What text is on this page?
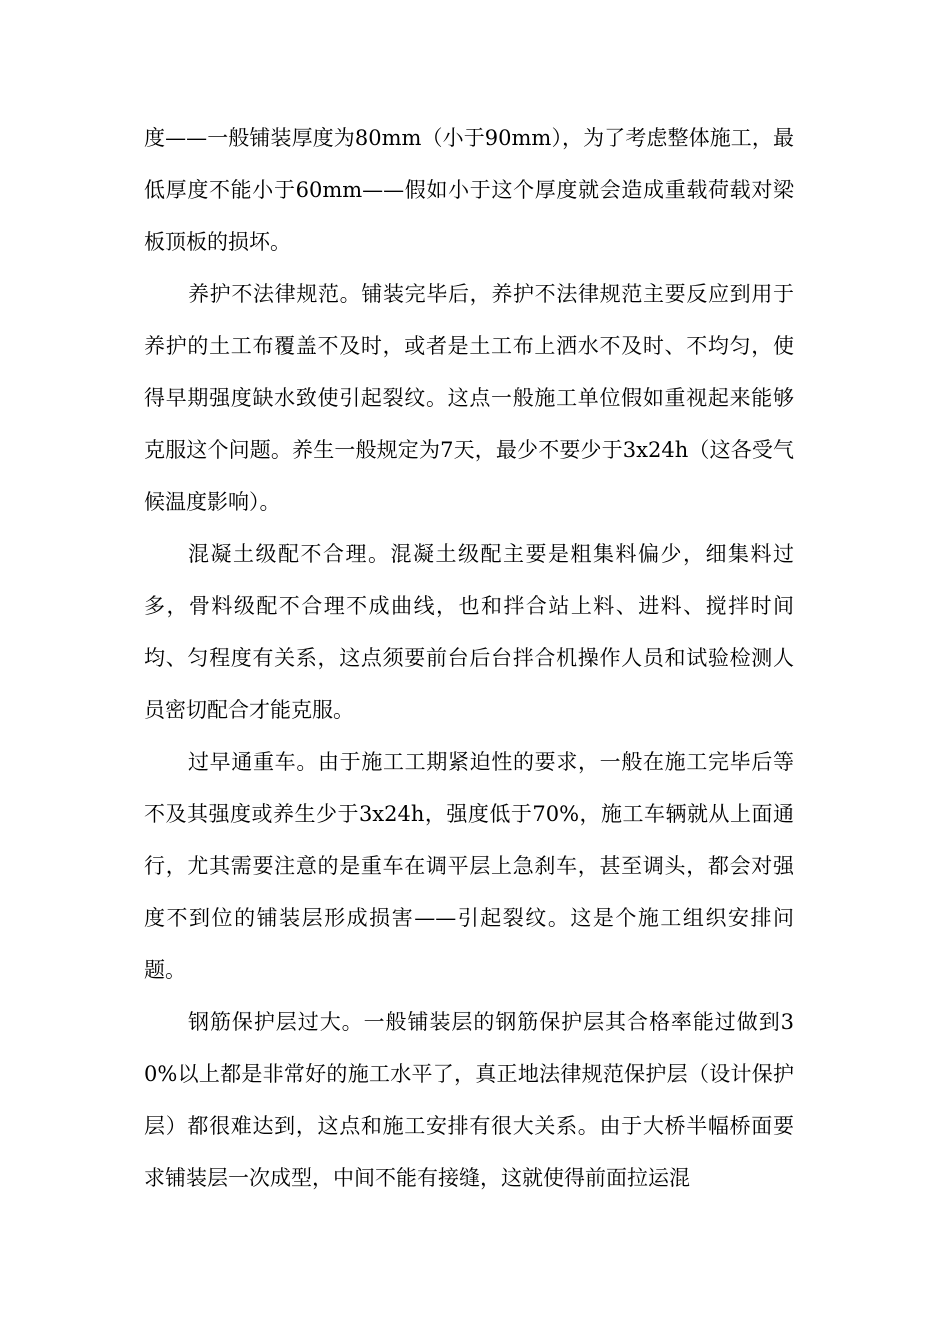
度——一般铺装厚度为80mm（小于90mm），为了考虑整体施工，最低厚度不能小于60mm——假如小于这个厚度就会造成重载荷载对梁板顶板的损坏。

养护不法律规范。铺装完毕后，养护不法律规范主要反应到用于养护的土工布覆盖不及时，或者是土工布上洒水不及时、不均匀，使得早期强度缺水致使引起裂纹。这点一般施工单位假如重视起来能够克服这个问题。养生一般规定为7天，最少不要少于3x24h（这各受气候温度影响）。

混凝土级配不合理。混凝土级配主要是粗集料偏少，细集料过多，骨料级配不合理不成曲线，也和拌合站上料、进料、搅拌时间均、匀程度有关系，这点须要前台后台拌合机操作人员和试验检测人员密切配合才能克服。

过早通重车。由于施工工期紧迫性的要求，一般在施工完毕后等不及其强度或养生少于3x24h，强度低于70%，施工车辆就从上面通行，尤其需要注意的是重车在调平层上急刹车，甚至调头，都会对强度不到位的铺装层形成损害——引起裂纹。这是个施工组织安排问题。

钢筋保护层过大。一般铺装层的钢筋保护层其合格率能过做到30%以上都是非常好的施工水平了，真正地法律规范保护层（设计保护层）都很难达到，这点和施工安排有很大关系。由于大桥半幅桥面要求铺装层一次成型，中间不能有接缝，这就使得前面拉运混
